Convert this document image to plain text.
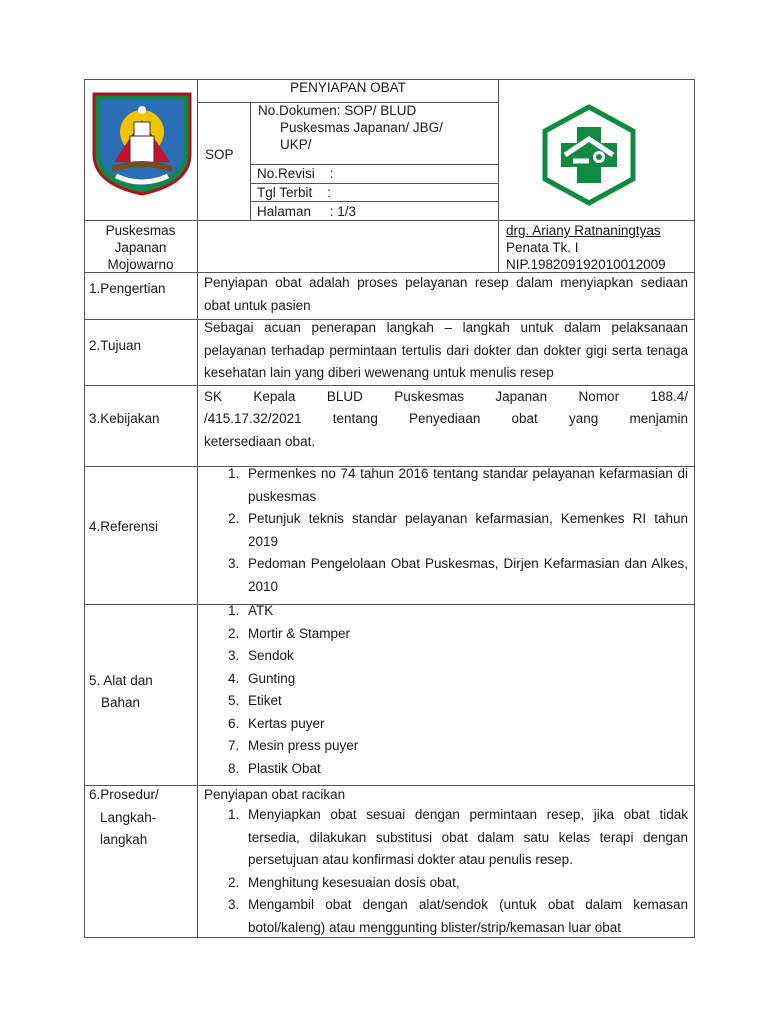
PENYIAPAN OBAT
SOP
No.Dokumen: SOP/ BLUD
Puskesmas Japanan/ JBG/
UKP/
No.Revisi    :
Tgl Terbit    :
Halaman     : 1/3
Puskesmas
Japanan
Mojowarno
drg. Ariany Ratnaningtyas
Penata Tk. I
NIP.198209192010012009
1.Pengertian	Penyiapan obat adalah proses pelayanan resep dalam menyiapkan sediaan obat untuk pasien
2.Tujuan
Sebagai acuan penerapan langkah – langkah untuk dalam pelaksanaan pelayanan terhadap permintaan tertulis dari dokter dan dokter gigi serta tenaga kesehatan lain yang diberi wewenang untuk menulis resep
3.Kebijakan
SK Kepala BLUD Puskesmas Japanan Nomor 188.4/
/415.17.32/2021 tentang Penyediaan obat yang menjamin
ketersediaan obat.
4.Referensi
1. Permenkes no 74 tahun 2016 tentang standar pelayanan kefarmasian di puskesmas
2. Petunjuk teknis standar pelayanan kefarmasian, Kemenkes RI tahun 2019
3. Pedoman Pengelolaan Obat Puskesmas, Dirjen Kefarmasian dan Alkes, 2010
5. Alat dan
Bahan
1. ATK
2. Mortir & Stamper
3. Sendok
4. Gunting
5. Etiket
6. Kertas puyer
7. Mesin press puyer
8. Plastik Obat
6.Prosedur/
Langkah-
langkah
Penyiapan obat racikan
1. Menyiapkan obat sesuai dengan permintaan resep, jika obat tidak tersedia, dilakukan substitusi obat dalam satu kelas terapi dengan persetujuan atau konfirmasi dokter atau penulis resep.
2. Menghitung kesesuaian dosis obat,
3. Mengambil obat dengan alat/sendok (untuk obat dalam kemasan botol/kaleng) atau menggunting blister/strip/kemasan luar obat
